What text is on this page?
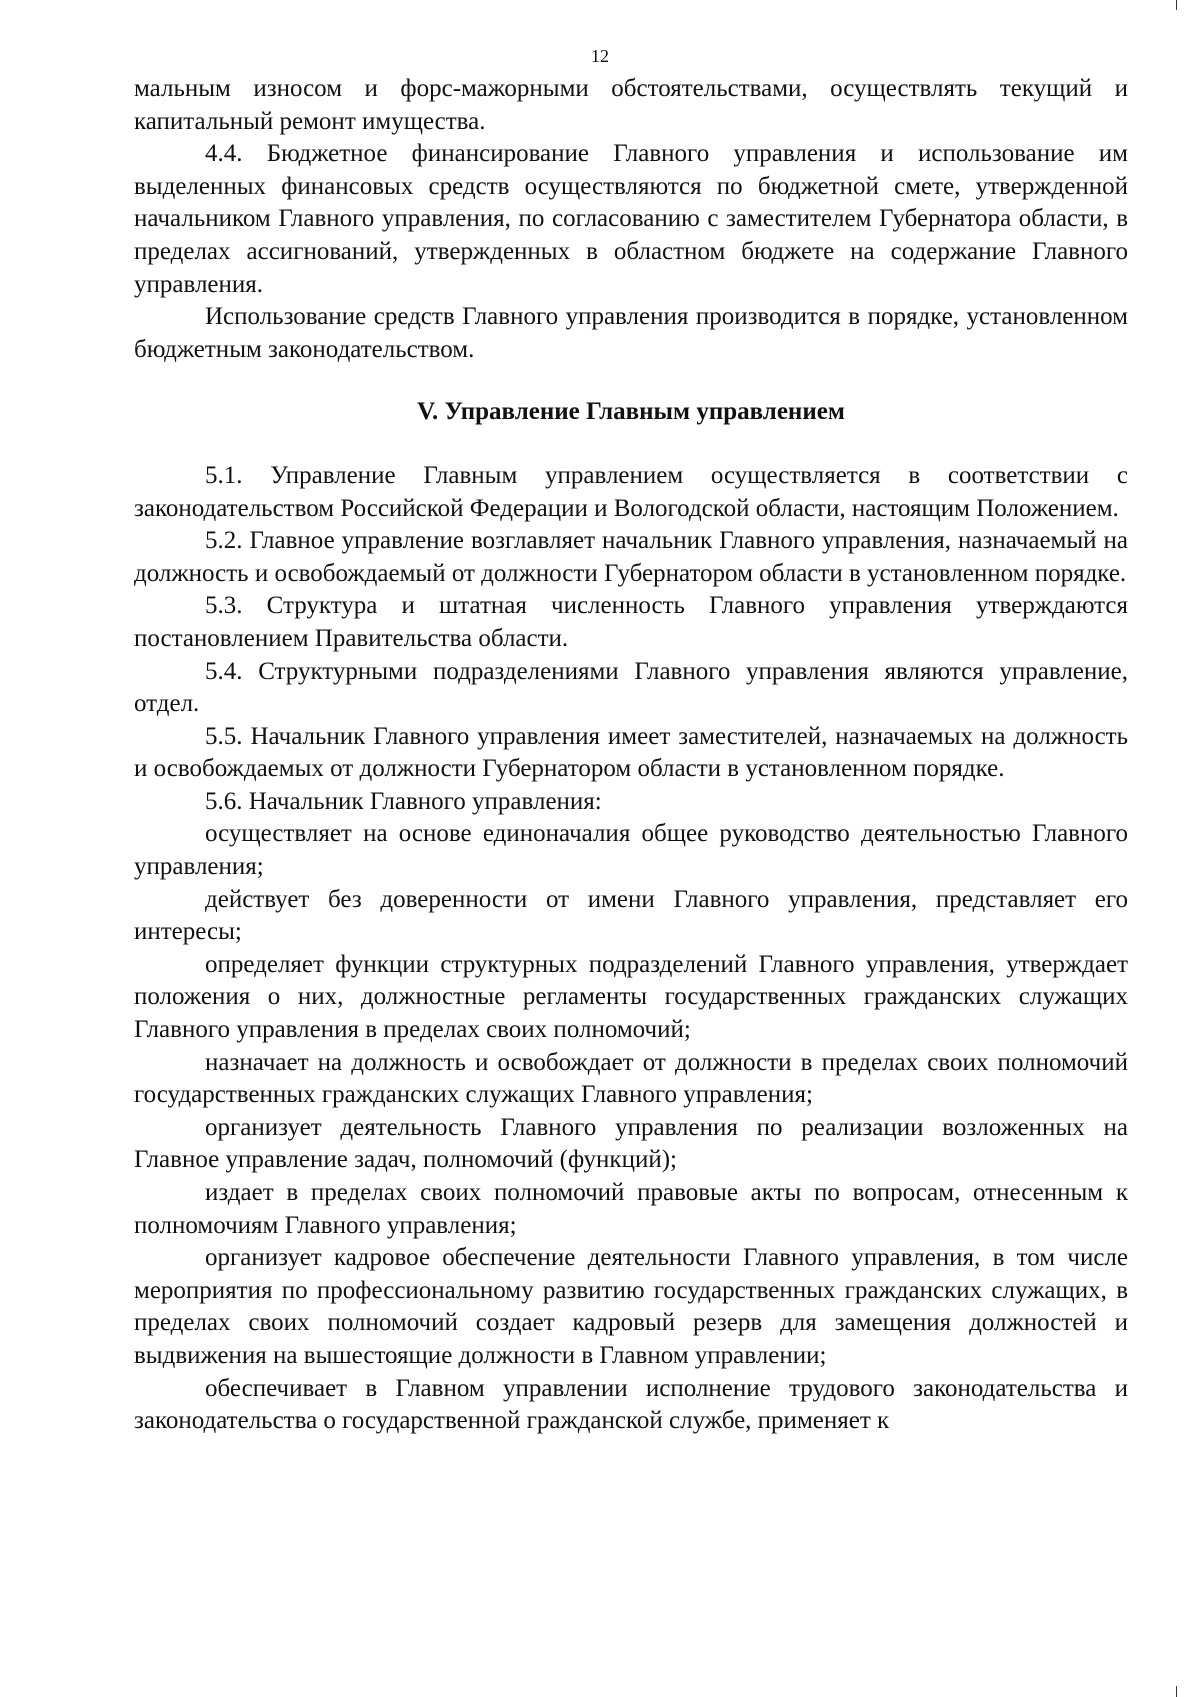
12

мальным износом и форс-мажорными обстоятельствами, осуществлять текущий и капитальный ремонт имущества.

4.4. Бюджетное финансирование Главного управления и использование им выделенных финансовых средств осуществляются по бюджетной смете, утвержденной начальником Главного управления, по согласованию с заместителем Губернатора области, в пределах ассигнований, утвержденных в областном бюджете на содержание Главного управления.

Использование средств Главного управления производится в порядке, установленном бюджетным законодательством.

V. Управление Главным управлением

5.1. Управление Главным управлением осуществляется в соответствии с законодательством Российской Федерации и Вологодской области, настоящим Положением.

5.2. Главное управление возглавляет начальник Главного управления, назначаемый на должность и освобождаемый от должности Губернатором области в установленном порядке.

5.3. Структура и штатная численность Главного управления утверждаются постановлением Правительства области.

5.4. Структурными подразделениями Главного управления являются управление, отдел.

5.5. Начальник Главного управления имеет заместителей, назначаемых на должность и освобождаемых от должности Губернатором области в установленном порядке.

5.6. Начальник Главного управления:

осуществляет на основе единоначалия общее руководство деятельностью Главного управления;

действует без доверенности от имени Главного управления, представляет его интересы;

определяет функции структурных подразделений Главного управления, утверждает положения о них, должностные регламенты государственных гражданских служащих Главного управления в пределах своих полномочий;

назначает на должность и освобождает от должности в пределах своих полномочий государственных гражданских служащих Главного управления;

организует деятельность Главного управления по реализации возложенных на Главное управление задач, полномочий (функций);

издает в пределах своих полномочий правовые акты по вопросам, отнесенным к полномочиям Главного управления;

организует кадровое обеспечение деятельности Главного управления, в том числе мероприятия по профессиональному развитию государственных гражданских служащих, в пределах своих полномочий создает кадровый резерв для замещения должностей и выдвижения на вышестоящие должности в Главном управлении;

обеспечивает в Главном управлении исполнение трудового законодательства и законодательства о государственной гражданской службе, применяет к
